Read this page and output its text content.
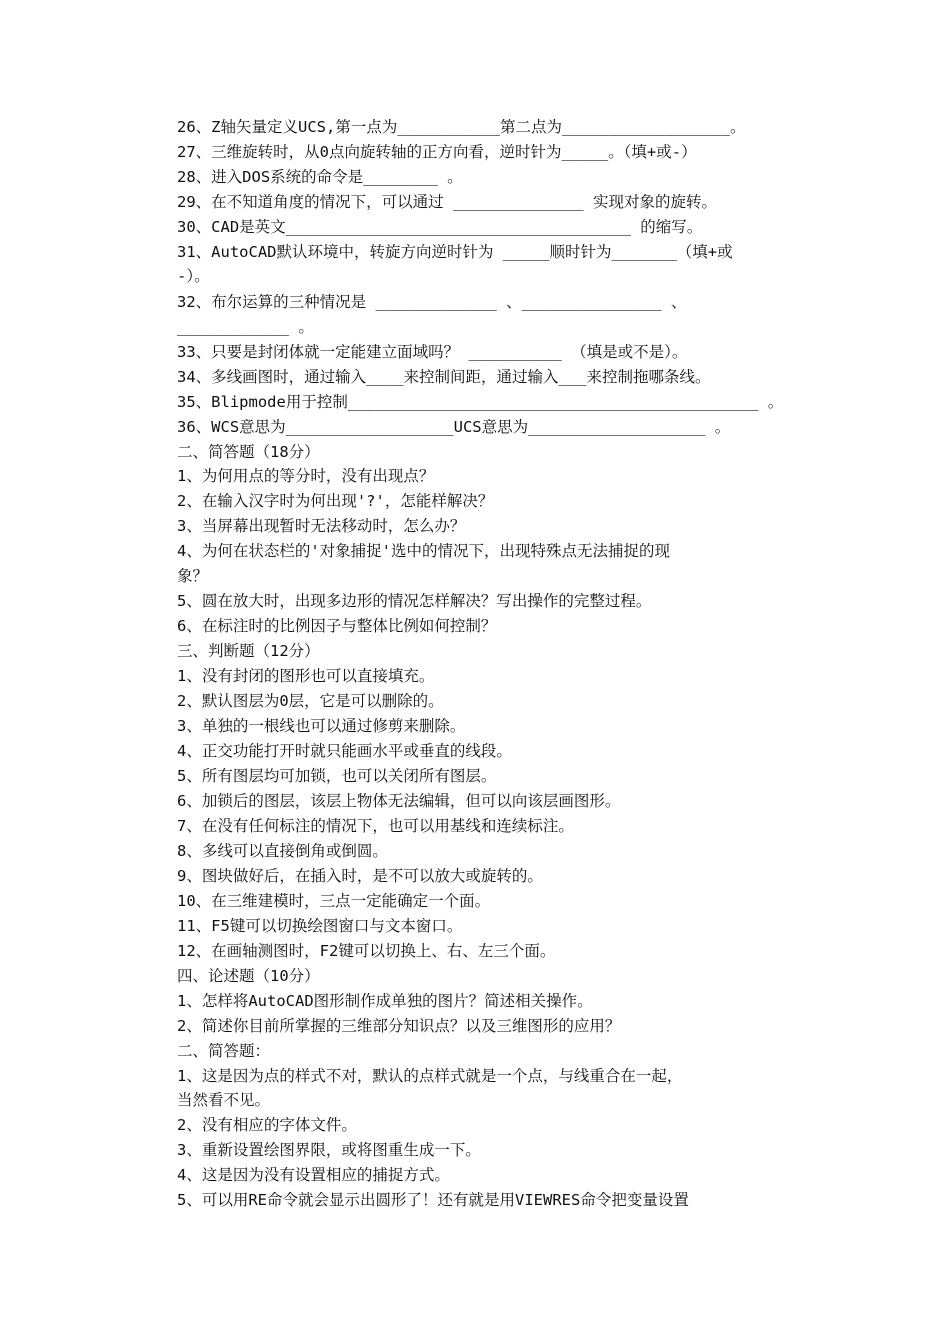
26、Z轴矢量定义UCS,第一点为___________第二点为__________________。
27、三维旋转时，从0点向旋转轴的正方向看，逆时针为_____。（填+或-）
28、进入DOS系统的命令是________ 。
29、在不知道角度的情况下，可以通过 ______________ 实现对象的旋转。
30、CAD是英文_____________________________________ 的缩写。
31、AutoCAD默认环境中，转旋方向逆时针为 _____顺时针为_______（填+或
-）。
32、布尔运算的三种情况是 _____________ 、_______________ 、
____________ 。
33、只要是封闭体就一定能建立面域吗？ __________ （填是或不是）。
34、多线画图时，通过输入____来控制间距，通过输入___来控制拖哪条线。
35、Blipmode用于控制____________________________________________ 。
36、WCS意思为__________________UCS意思为___________________ 。
二、简答题（18分）
1、为何用点的等分时，没有出现点？
2、在输入汉字时为何出现'?'，怎能样解决？
3、当屏幕出现暂时无法移动时，怎么办？
4、为何在状态栏的'对象捕捉'选中的情况下，出现特殊点无法捕捉的现
象？
5、圆在放大时，出现多边形的情况怎样解决？写出操作的完整过程。
6、在标注时的比例因子与整体比例如何控制？
三、判断题（12分）
1、没有封闭的图形也可以直接填充。
2、默认图层为0层，它是可以删除的。
3、单独的一根线也可以通过修剪来删除。
4、正交功能打开时就只能画水平或垂直的线段。
5、所有图层均可加锁，也可以关闭所有图层。
6、加锁后的图层，该层上物体无法编辑，但可以向该层画图形。
7、在没有任何标注的情况下，也可以用基线和连续标注。
8、多线可以直接倒角或倒圆。
9、图块做好后，在插入时，是不可以放大或旋转的。
10、在三维建模时，三点一定能确定一个面。
11、F5键可以切换绘图窗口与文本窗口。
12、在画轴测图时，F2键可以切换上、右、左三个面。
四、论述题（10分）
1、怎样将AutoCAD图形制作成单独的图片？简述相关操作。
2、简述你目前所掌握的三维部分知识点？以及三维图形的应用？
二、简答题：
1、这是因为点的样式不对，默认的点样式就是一个点，与线重合在一起，
当然看不见。
2、没有相应的字体文件。
3、重新设置绘图界限，或将图重生成一下。
4、这是因为没有设置相应的捕捉方式。
5、可以用RE命令就会显示出圆形了！还有就是用VIEWRES命令把变量设置
